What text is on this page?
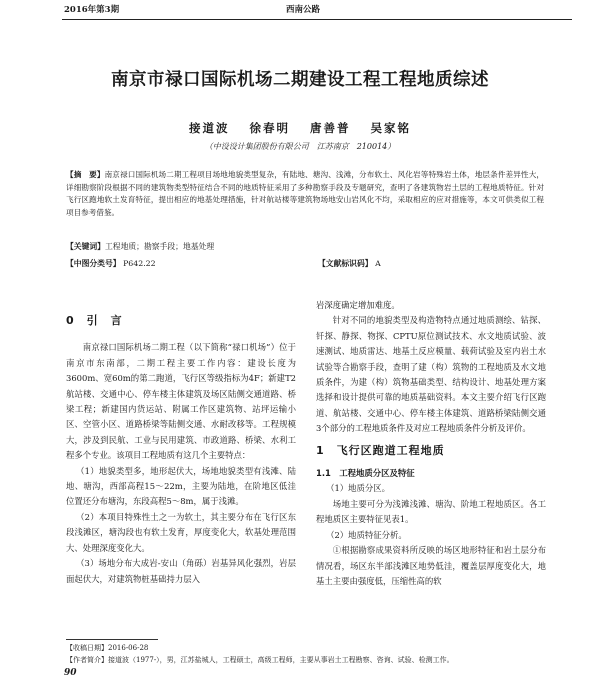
2016年第3期	西南公路
南京市禄口国际机场二期建设工程工程地质综述
接道波 徐春明 唐善普 吴家铭
（中设设计集团股份有限公司　江苏南京　210014）
【摘　要】南京禄口国际机场二期工程项目场地地貌类型复杂，有陆地、塘沟、浅滩，分布软土、风化岩等特殊岩土体，地层条件差异性大，详细勘察阶段根据不同的建筑物类型特征结合不同的地质特征采用了多种勘察手段及专题研究，查明了各建筑物岩土层的工程地质特征。针对飞行区跑地软土发育特征，提出相应的地基处理措施，针对航站楼等建筑物场地安山岩风化不均，采取相应的应对措施等，本文可供类似工程项目参考借鉴。
【关键词】工程地质；勘察手段；地基处理
【中图分类号】 P642.22	【文献标识码】 A
0　引　言

南京禄口国际机场二期工程（以下简称“禄口机场”）位于南京市东南部，二期工程主要工作内容：建设长度为3600m、宽60m的第二跑道，飞行区等级指标为4F；新建T2航站楼、交通中心、停车楼主体建筑及场区陆侧交通道路、桥梁工程；新建国内货运站、附属工作区建筑物、站坪运输小区、空管小区、道路桥梁等陆侧交通、水耐改移等。工程规模大，涉及到民航、工业与民用建筑、市政道路、桥梁、水利工程多个专业。该项目工程地质有这几个主要特点：

（1）地貌类型多，地形起伏大，场地地貌类型有浅滩、陆地、塘沟，西部高程15～22m，主要为陆地，在阶地区低洼位置还分布塘沟，东段高程5～8m，属于浅滩。

（2）本项目特殊性土之一为软土，其主要分布在飞行区东段浅滩区，塘沟段也有软土发育，厚度变化大，软基处理范围大、处理深度变化大。

（3）场地分布大成岩-安山（角砾）岩基异风化强烈，岩层面起伏大，对建筑物桩基础持力层入

岩深度确定增加难度。

针对不同的地貌类型及构造物特点通过地质测绘、钻探、钎探、静探、物探、CPTU原位测试技术、水文地质试验、波速测试、地质雷达、地基土反应模量、载荷试验及室内岩土水试验等合勘察手段，查明了建（构）筑物的工程地质及水文地质条件，为建（构）筑物基础类型、结构设计、地基处理方案选择和设计提供可靠的地质基础资料。本文主要介绍飞行区跑道、航站楼、交通中心、停车楼主体建筑、道路桥梁陆侧交通3个部分的工程地质条件及对应工程地质条件分析及评价。

1　飞行区跑道工程地质
1.1　工程地质分区及特征

（1）地质分区。

场地主要可分为浅滩浅滩、塘沟、阶地工程地质区。各工程地质区主要特征见表1。

（2）地质特征分析。

①根据勘察成果资料所反映的场区地形特征和岩土层分布情况看，场区东半部浅滩区地势低洼，覆盖层厚度变化大，地基土主要由强度低，压缩性高的软

【收稿日期】2016-06-28
【作者简介】接道波（1977-），男，江苏盐城人，工程硕士，高级工程师，主要从事岩土工程勘察、咨询、试验、检测工作。
90
